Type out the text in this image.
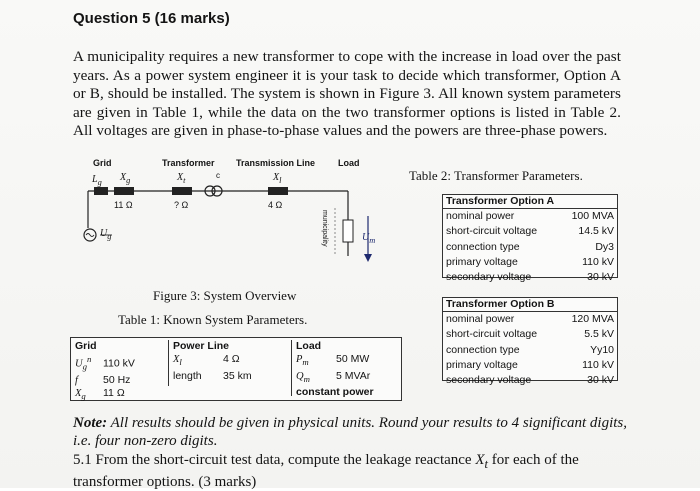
Question 5 (16 marks)
A municipality requires a new transformer to cope with the increase in load over the past years. As a power system engineer it is your task to decide which transformer, Option A or B, should be installed. The system is shown in Figure 3. All known system parameters are given in Table 1, while the data on the two transformer options is listed in Table 2. All voltages are given in phase-to-phase values and the powers are three-phase powers.
Grid	Transformer Transmission Line	Load
$L_g$ $X_g$	$X_t$
c	$X_l$
11 Ω	? Ω	4 Ω
$U_g$	$U_m$
municipality
Figure 3: System Overview
Table 1: Known System Parameters.
Grid
$U_g^n$ 110 kV
f 50 Hz
$X_g$ 11 Ω
Power Line
$X_l$	4 Ω
length 35 km
Load
$P_m$	50 MW
$Q_m$ 5 MVAr
constant power
Table 2: Transformer Parameters.
Transformer Option A
nominal power	100 MVA
short-circuit voltage	14.5 kV
connection type	Dy3
primary voltage	110 kV
secondary voltage	30 kV
Transformer Option B
nominal power	120 MVA
short-circuit voltage	5.5 kV
connection type	Yy10
primary voltage	110 kV
secondary voltage	30 kV
Note: All results should be given in physical units. Round your results to 4 significant digits, i.e. four non-zero digits.
5.1 From the short-circuit test data, compute the leakage reactance $X_t$ for each of the transformer options. (3 marks)
